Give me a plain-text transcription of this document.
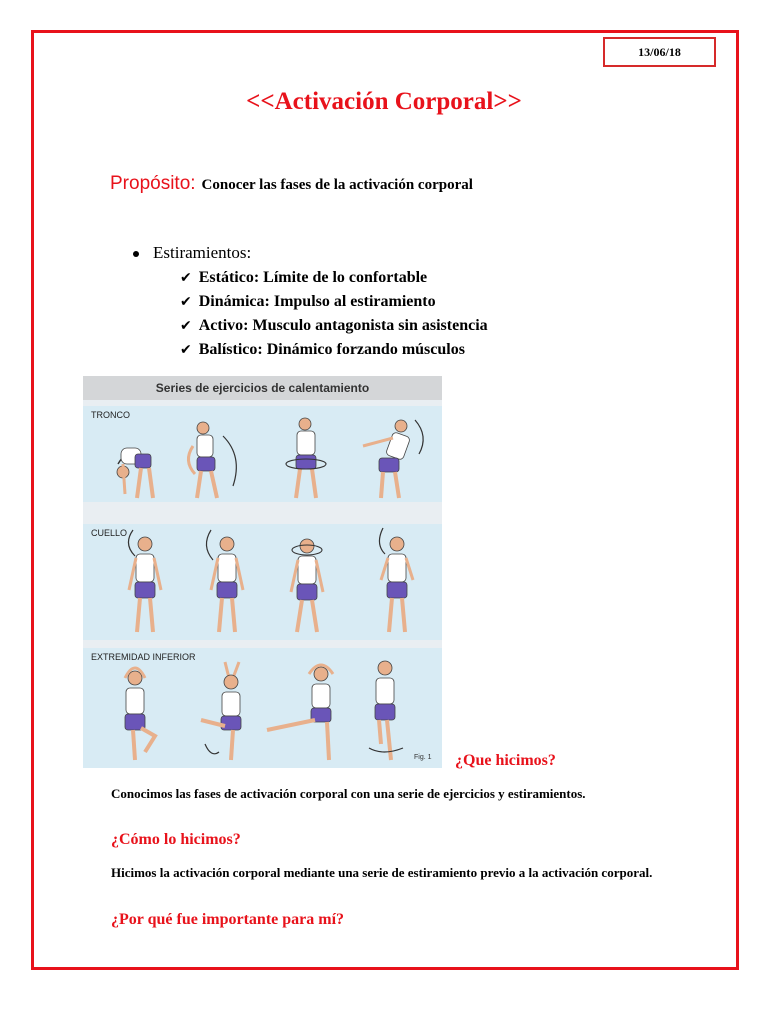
13/06/18
<<Activación Corporal>>
Propósito: Conocer las fases de la activación corporal
Estiramientos:
✔ Estático: Límite de lo confortable
✔ Dinámica: Impulso al estiramiento
✔ Activo: Musculo antagonista sin asistencia
✔ Balístico: Dinámico forzando músculos
Series de ejercicios de calentamiento
TRONCO
CUELLO
EXTREMIDAD INFERIOR
Fig. 1 ¿Que hicimos?
Conocimos las fases de activación corporal con una serie de ejercicios y estiramientos.
¿Cómo lo hicimos?
Hicimos la activación corporal mediante una serie de estiramiento previo a la activación corporal.
¿Por qué fue importante para mí?
